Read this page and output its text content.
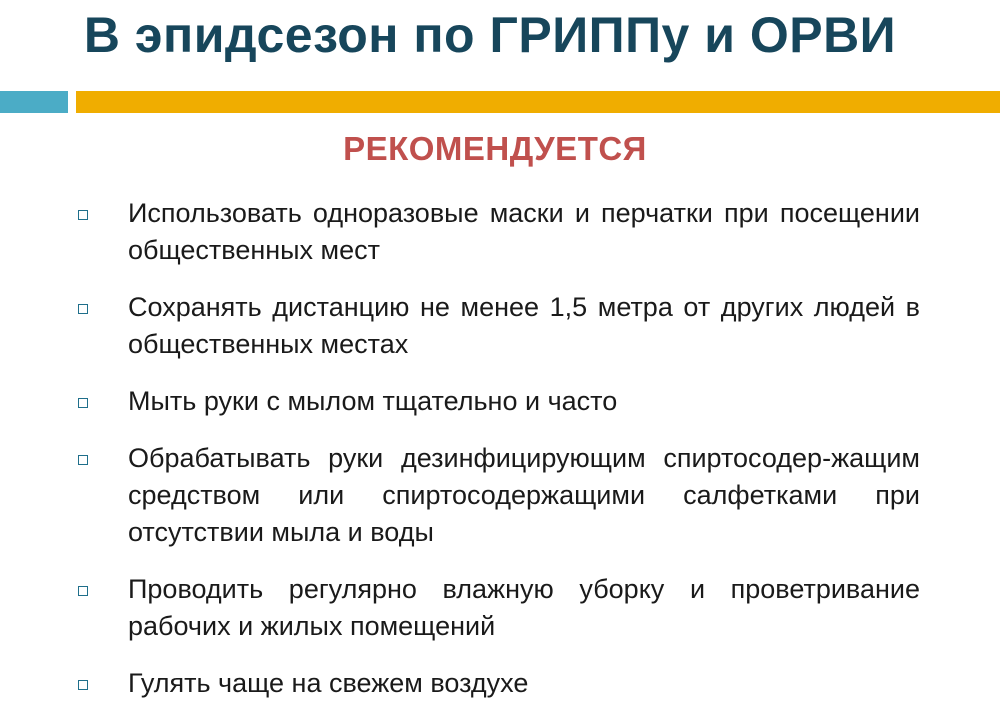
В эпидсезон по ГРИППу и ОРВИ
РЕКОМЕНДУЕТСЯ
Использовать одноразовые маски и перчатки при посещении общественных мест
Сохранять дистанцию не менее 1,5 метра от других людей в общественных местах
Мыть руки с мылом тщательно и часто
Обрабатывать руки дезинфицирующим спиртосодер-жащим средством или спиртосодержащими салфетками при отсутствии мыла и воды
Проводить регулярно влажную уборку и проветривание рабочих и жилых помещений
Гулять чаще на свежем воздухе
